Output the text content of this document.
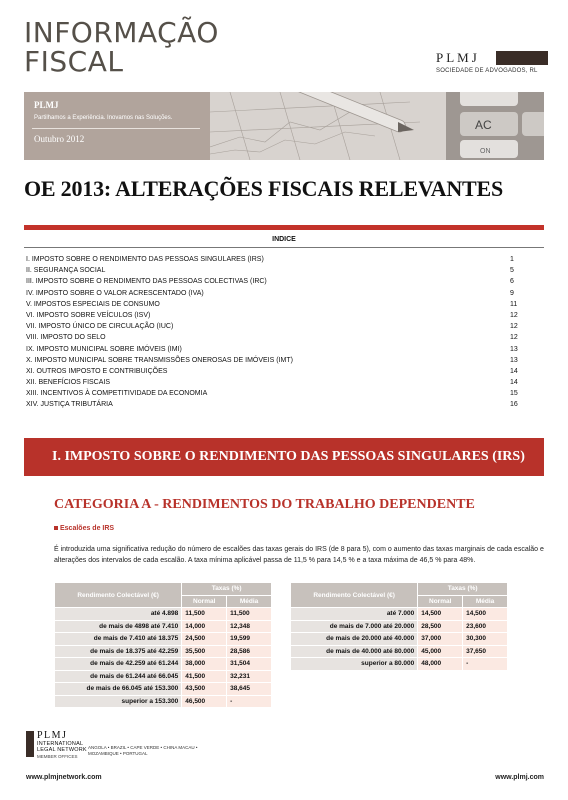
INFORMAÇÃO
FISCAL	PLMJ
SOCIEDADE DE ADVOGADOS, RL
PLMJ
Partilhamos a Experiência. Inovamos nas Soluções.
Outubro 2012
AC
ON
OE 2013: ALTERAÇÕES FISCAIS RELEVANTES
INDICE
I. IMPOSTO SOBRE O RENDIMENTO DAS PESSOAS SINGULARES (IRS)	1
II. SEGURANÇA SOCIAL	5
III. IMPOSTO SOBRE O RENDIMENTO DAS PESSOAS COLECTIVAS (IRC)	6
IV. IMPOSTO SOBRE O VALOR ACRESCENTADO (IVA)	9
V. IMPOSTOS ESPECIAIS DE CONSUMO	11
VI. IMPOSTO SOBRE VEÍCULOS (ISV)	12
VII. IMPOSTO ÚNICO DE CIRCULAÇÃO (IUC)	12
VIII. IMPOSTO DO SELO	12
IX. IMPOSTO MUNICIPAL SOBRE IMÓVEIS (IMI)	13
X. IMPOSTO MUNICIPAL SOBRE TRANSMISSÕES ONEROSAS DE IMÓVEIS (IMT)	13
XI. OUTROS IMPOSTO E CONTRIBUIÇÕES	14
XII. BENEFÍCIOS FISCAIS	14
XIII. INCENTIVOS À COMPETITIVIDADE DA ECONOMIA	15
XIV. JUSTIÇA TRIBUTÁRIA	16
I. IMPOSTO SOBRE O RENDIMENTO DAS PESSOAS SINGULARES (IRS)
CATEGORIA A - RENDIMENTOS DO TRABALHO DEPENDENTE
Escalões de IRS
É introduzida uma significativa redução do número de escalões das taxas gerais do IRS (de 8 para 5), com o aumento das taxas marginais de cada escalão e alterações dos intervalos de cada escalão. A taxa mínima aplicável passa de 11,5 % para 14,5 % e a taxa máxima de 46,5 % para 48%.
Rendimento Colectável (€)	Taxas (%)	
	Normal	Média
até 4.898	11,500	11,500
de mais de 4898 até 7.410	14,000	12,348
de mais de 7.410 até 18.375	24,500	19,599
de mais de 18.375 até 42.259	35,500	28,586
de mais de 42.259 até 61.244	38,000	31,504
de mais de 61.244 até 66.045	41,500	32,231
de mais de 66.045 até 153.300	43,500	38,645
superior a 153.300	46,500	-
Rendimento Colectável (€)	Taxas (%)	
	Normal	Média
até 7.000	14,500	14,500
de mais de 7.000 até 20.000	28,500	23,600
de mais de 20.000 até 40.000	37,000	30,300
de mais de 40.000 até 80.000	45,000	37,650
superior a 80.000	48,000	-
PLMJ
INTERNATIONAL
LEGAL NETWORK
MEMBER OFFICES
ANGOLA • BRAZIL • CAPE VERDE • CHINA MACAU • MOZAMBIQUE • PORTUGAL
www.plmjnetwork.com	www.plmj.com
